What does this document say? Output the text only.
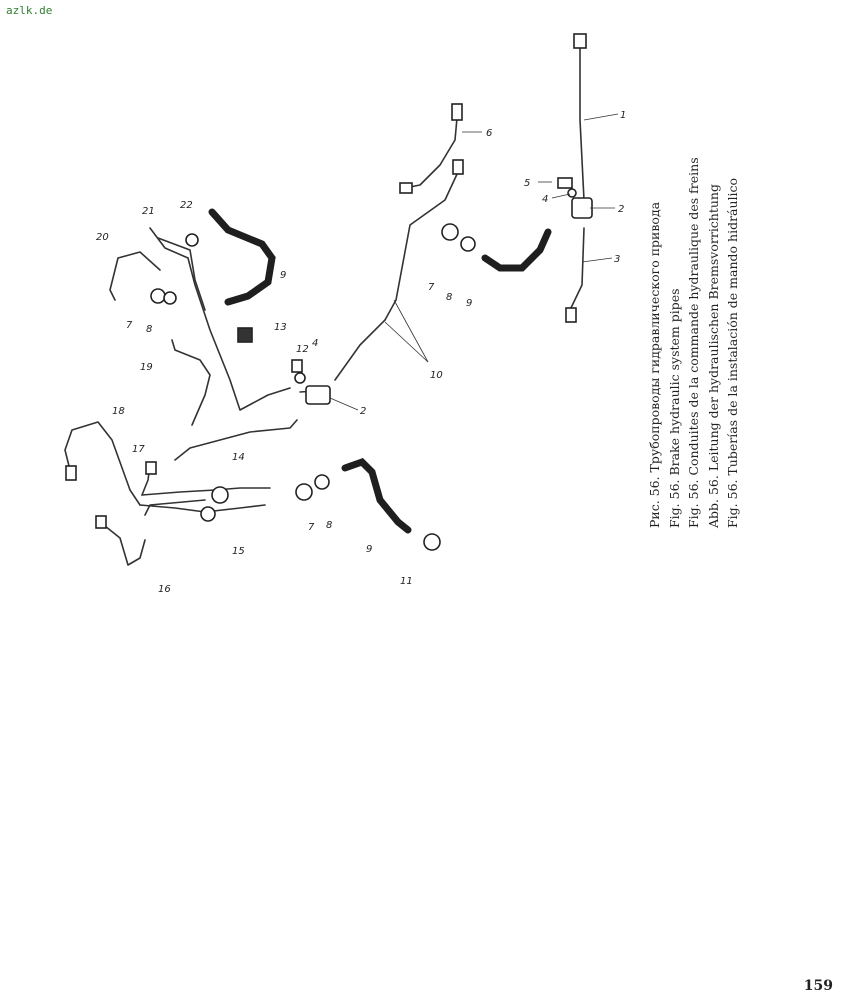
azlk.de
1
2
3
5
4
6
7
8
9
10
2
12
4
13
9
22
21
20
7 8
19
18
17
14
7 8
9
15
11
16
Рис. 56. Трубопроводы гидравлического привода Fig. 56. Brake hydraulic system pipes Fig. 56. Conduites de la commande hydraulique des freins Abb. 56. Leitung der hydraulischen Bremsvorrichtung Fig. 56. Tuberías de la instalación de mando hidráulico
159
